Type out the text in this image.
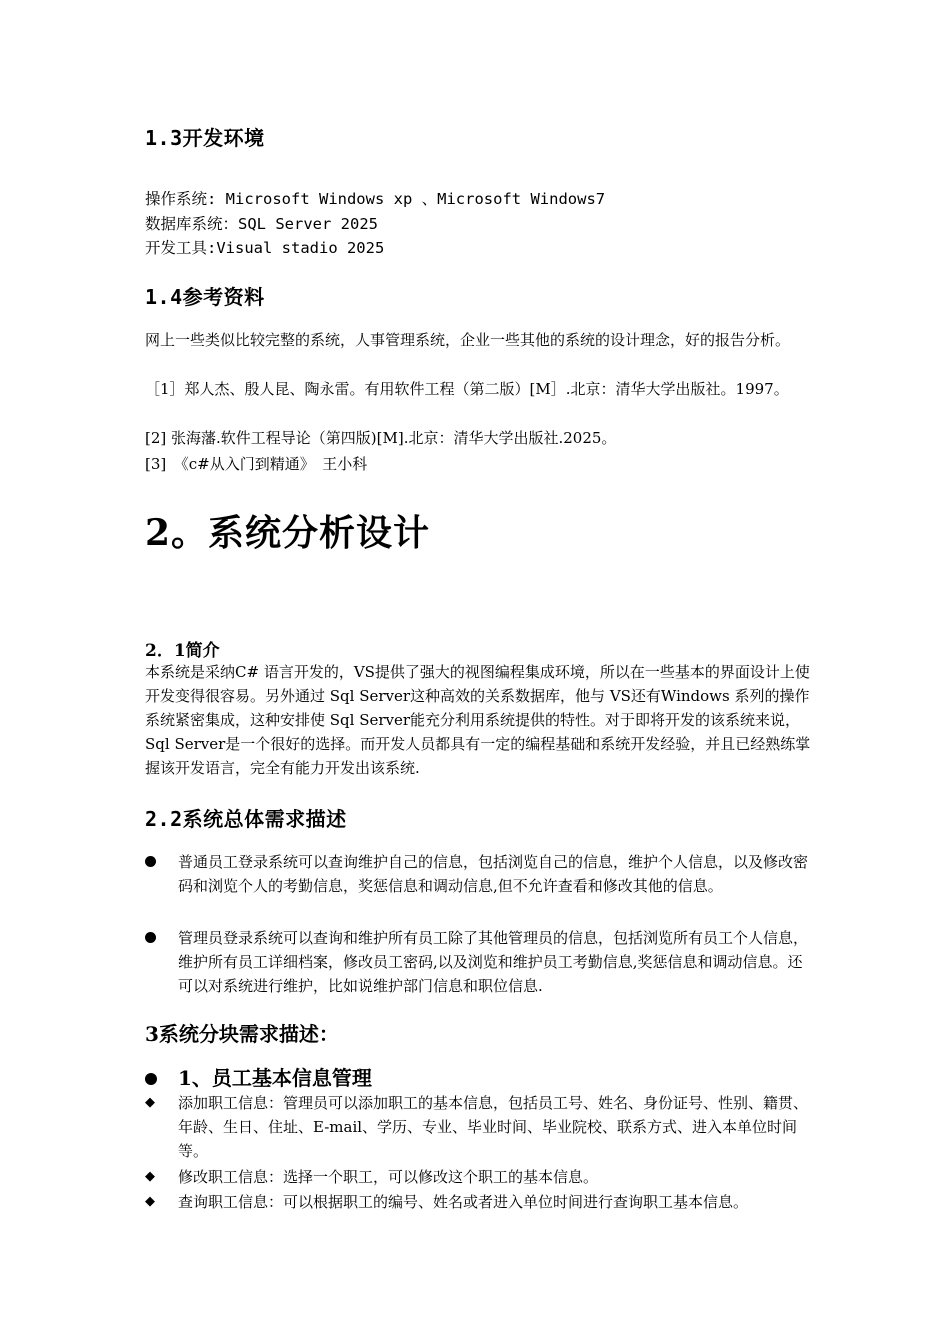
1.3开发环境
操作系统: Microsoft Windows xp 、Microsoft Windows7
数据库系统：SQL Server 2025
开发工具:Visual stadio 2025
1.4参考资料

网上一些类似比较完整的系统，人事管理系统，企业一些其他的系统的设计理念，好的报告分析。

［1］郑人杰、殷人昆、陶永雷。有用软件工程（第二版）[M］.北京：清华大学出版社。1997。

[2] 张海藩.软件工程导论（第四版)[M].北京：清华大学出版社.2025。

[3]　《c#从入门到精通》　王小科

2。系统分析设计
2．1简介

本系统是采纳C# 语言开发的，VS提供了强大的视图编程集成环境，所以在一些基本的界面设计上使开发变得很容易。另外通过 Sql Server这种高效的关系数据库，他与 VS还有Windows 系列的操作系统紧密集成，这种安排使 Sql Server能充分利用系统提供的特性。对于即将开发的该系统来说，Sql Server是一个很好的选择。而开发人员都具有一定的编程基础和系统开发经验，并且已经熟练掌握该开发语言，完全有能力开发出该系统.

2.2系统总体需求描述
普通员工登录系统可以查询维护自己的信息，包括浏览自己的信息，维护个人信息，以及修改密码和浏览个人的考勤信息，奖惩信息和调动信息,但不允许查看和修改其他的信息。
管理员登录系统可以查询和维护所有员工除了其他管理员的信息，包括浏览所有员工个人信息，维护所有员工详细档案，修改员工密码,以及浏览和维护员工考勤信息,奖惩信息和调动信息。还可以对系统进行维护，比如说维护部门信息和职位信息.
3系统分块需求描述：
1、员工基本信息管理
◆	添加职工信息：管理员可以添加职工的基本信息，包括员工号、姓名、身份证号、性别、籍贯、年龄、生日、住址、E-mail、学历、专业、毕业时间、毕业院校、联系方式、进入本单位时间等。
◆	修改职工信息：选择一个职工，可以修改这个职工的基本信息。
◆	查询职工信息：可以根据职工的编号、姓名或者进入单位时间进行查询职工基本信息。
